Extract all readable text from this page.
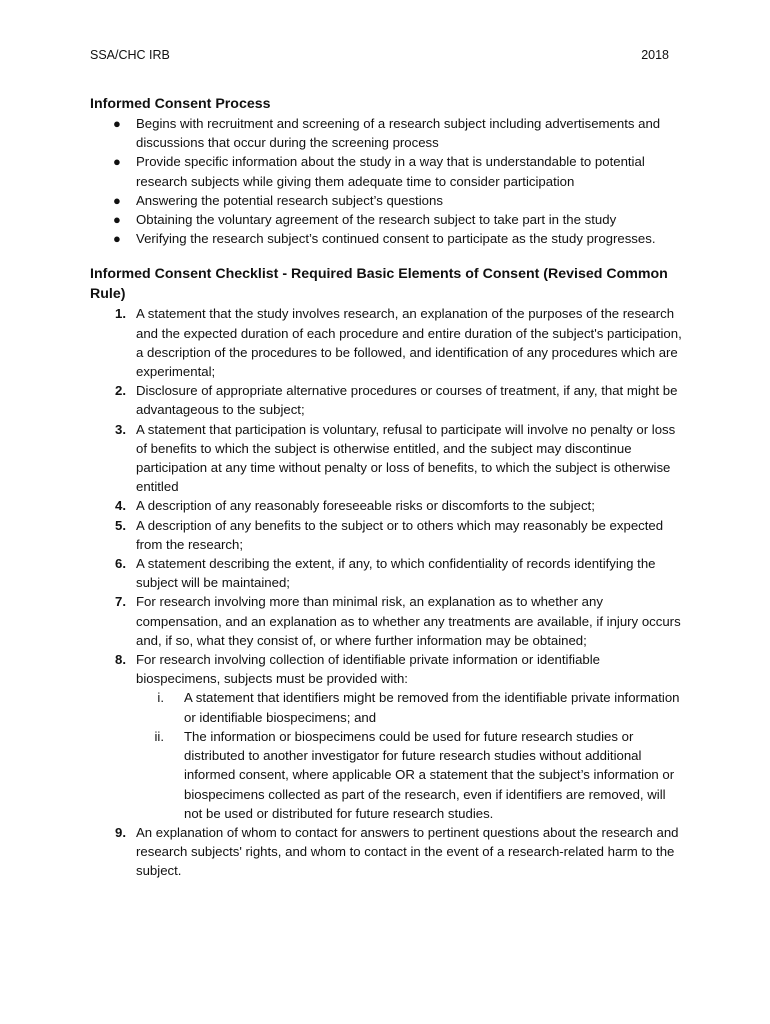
SSA/CHC IRB	2018
Informed Consent Process
● Begins with recruitment and screening of a research subject including advertisements and discussions that occur during the screening process
● Provide specific information about the study in a way that is understandable to potential research subjects while giving them adequate time to consider participation
● Answering the potential research subject’s questions
● Obtaining the voluntary agreement of the research subject to take part in the study
● Verifying the research subject’s continued consent to participate as the study progresses.
Informed Consent Checklist - Required Basic Elements of Consent (Revised Common Rule)
1. A statement that the study involves research, an explanation of the purposes of the research and the expected duration of each procedure and entire duration of the subject's participation, a description of the procedures to be followed, and identification of any procedures which are experimental;
2. Disclosure of appropriate alternative procedures or courses of treatment, if any, that might be advantageous to the subject;
3. A statement that participation is voluntary, refusal to participate will involve no penalty or loss of benefits to which the subject is otherwise entitled, and the subject may discontinue participation at any time without penalty or loss of benefits, to which the subject is otherwise entitled
4. A description of any reasonably foreseeable risks or discomforts to the subject;
5. A description of any benefits to the subject or to others which may reasonably be expected from the research;
6. A statement describing the extent, if any, to which confidentiality of records identifying the subject will be maintained;
7. For research involving more than minimal risk, an explanation as to whether any compensation, and an explanation as to whether any treatments are available, if injury occurs and, if so, what they consist of, or where further information may be obtained;
8. For research involving collection of identifiable private information or identifiable biospecimens, subjects must be provided with:
i. A statement that identifiers might be removed from the identifiable private information or identifiable biospecimens; and
ii. The information or biospecimens could be used for future research studies or distributed to another investigator for future research studies without additional informed consent, where applicable OR a statement that the subject’s information or biospecimens collected as part of the research, even if identifiers are removed, will not be used or distributed for future research studies.
9. An explanation of whom to contact for answers to pertinent questions about the research and research subjects' rights, and whom to contact in the event of a research-related harm to the subject.
